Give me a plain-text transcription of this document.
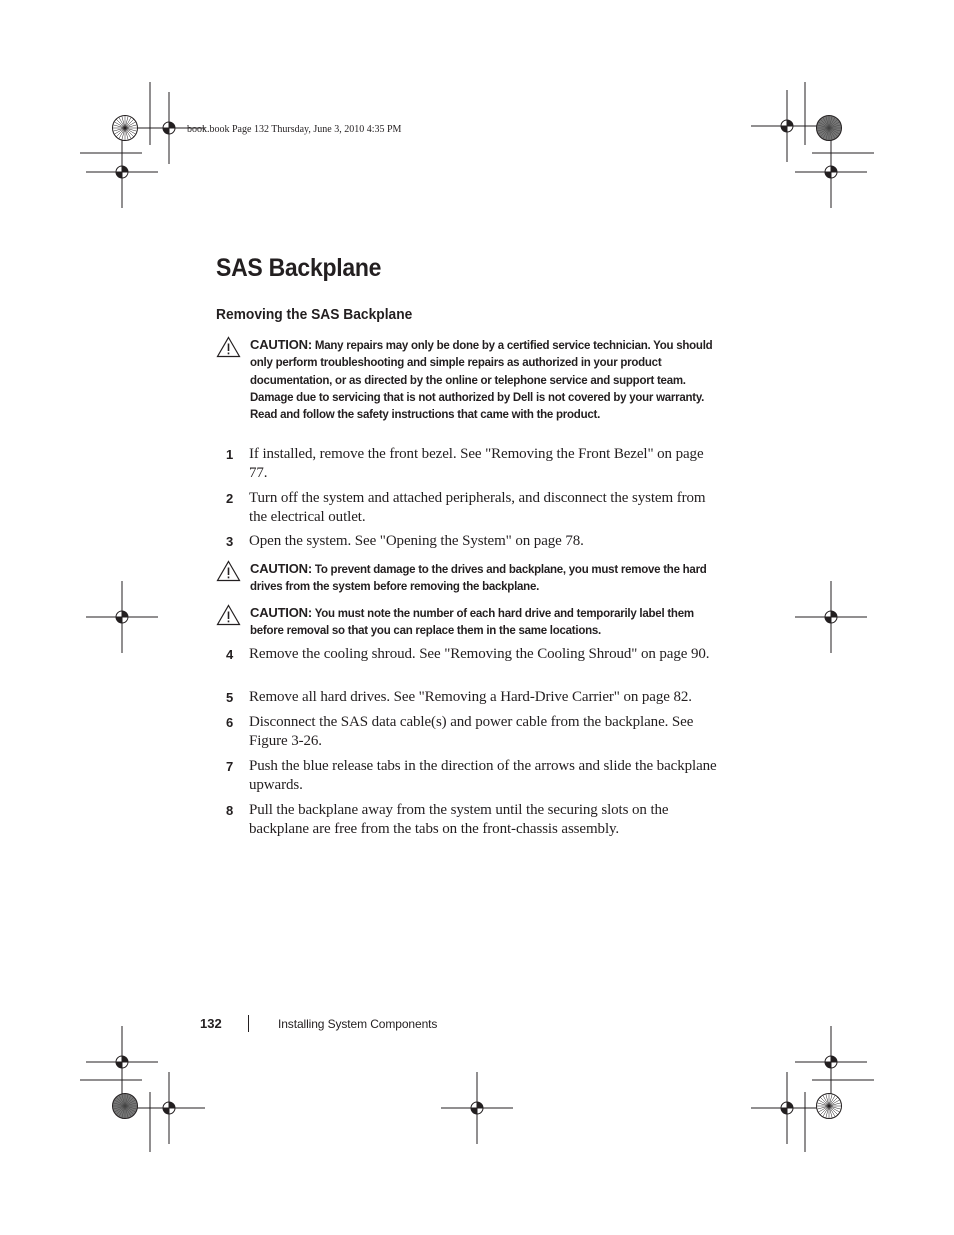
book.book Page 132 Thursday, June 3, 2010 4:35 PM
SAS Backplane
Removing the SAS Backplane
CAUTION: Many repairs may only be done by a certified service technician. You should only perform troubleshooting and simple repairs as authorized in your product documentation, or as directed by the online or telephone service and support team. Damage due to servicing that is not authorized by Dell is not covered by your warranty. Read and follow the safety instructions that came with the product.
1 If installed, remove the front bezel. See "Removing the Front Bezel" on page 77.
2 Turn off the system and attached peripherals, and disconnect the system from the electrical outlet.
3 Open the system. See "Opening the System" on page 78.
CAUTION: To prevent damage to the drives and backplane, you must remove the hard drives from the system before removing the backplane.
CAUTION: You must note the number of each hard drive and temporarily label them before removal so that you can replace them in the same locations.
4 Remove the cooling shroud. See "Removing the Cooling Shroud" on page 90.
5 Remove all hard drives. See "Removing a Hard-Drive Carrier" on page 82.
6 Disconnect the SAS data cable(s) and power cable from the backplane. See Figure 3-26.
7 Push the blue release tabs in the direction of the arrows and slide the backplane upwards.
8 Pull the backplane away from the system until the securing slots on the backplane are free from the tabs on the front-chassis assembly.
132	Installing System Components
